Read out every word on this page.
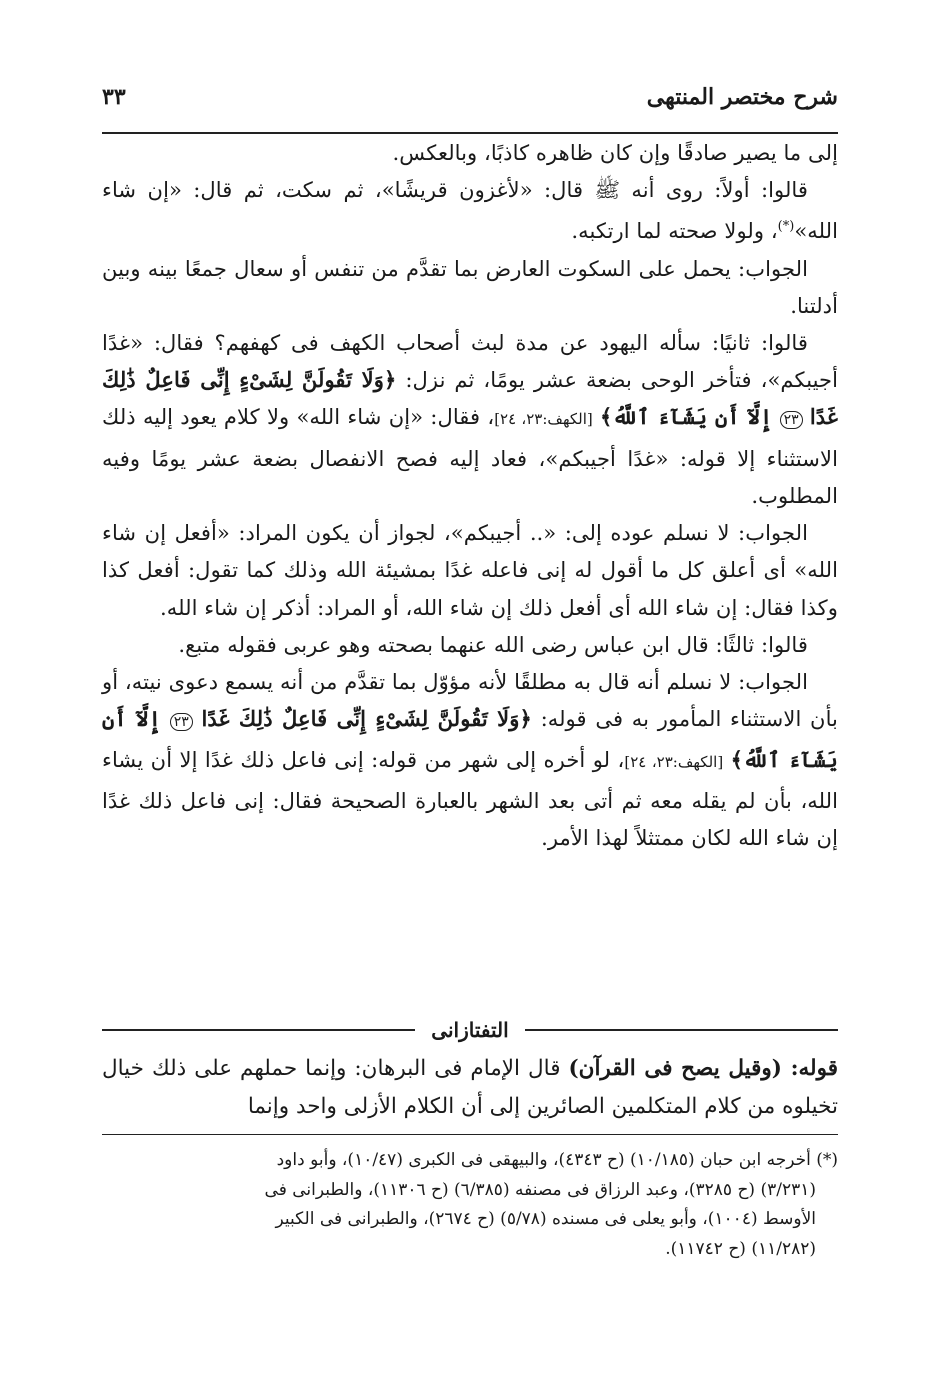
شرح مختصر المنتهى
٣٣

إلى ما يصير صادقًا وإن كان ظاهره كاذبًا، وبالعكس.

قالوا: أولاً: روى أنه ﷺ قال: «لأغزون قريشًا»، ثم سكت، ثم قال: «إن شاء الله»(*)، ولولا صحته لما ارتكبه.

الجواب: يحمل على السكوت العارض بما تقدَّم من تنفس أو سعال جمعًا بينه وبين أدلتنا.

قالوا: ثانيًا: سأله اليهود عن مدة لبث أصحاب الكهف فى كهفهم؟ فقال: «غدًا أجيبكم»، فتأخر الوحى بضعة عشر يومًا، ثم نزل: ﴿وَلَا تَقُولَنَّ لِشَىْءٍ إِنِّى فَاعِلٌ ذَٰلِكَ غَدًا ٢٣ إِلَّآ أَن يَشَآءَ ٱللَّهُ﴾ [الكهف:٢٣، ٢٤]، فقال: «إن شاء الله» ولا كلام يعود إليه ذلك الاستثناء إلا قوله: «غدًا أجيبكم»، فعاد إليه فصح الانفصال بضعة عشر يومًا وفيه المطلوب.

الجواب: لا نسلم عوده إلى: «.. أجيبكم»، لجواز أن يكون المراد: «أفعل إن شاء الله» أى أعلق كل ما أقول له إنى فاعله غدًا بمشيئة الله وذلك كما تقول: أفعل كذا وكذا فقال: إن شاء الله أى أفعل ذلك إن شاء الله، أو المراد: أذكر إن شاء الله.

قالوا: ثالثًا: قال ابن عباس رضى الله عنهما بصحته وهو عربى فقوله متبع.

الجواب: لا نسلم أنه قال به مطلقًا لأنه مؤوّل بما تقدَّم من أنه يسمع دعوى نيته، أو بأن الاستثناء المأمور به فى قوله: ﴿وَلَا تَقُولَنَّ لِشَىْءٍ إِنِّى فَاعِلٌ ذَٰلِكَ غَدًا ٢٣ إِلَّآ أَن يَشَآءَ ٱللَّهُ﴾ [الكهف:٢٣، ٢٤]، لو أخره إلى شهر من قوله: إنى فاعل ذلك غدًا إلا أن يشاء الله، بأن لم يقله معه ثم أتى بعد الشهر بالعبارة الصحيحة فقال: إنى فاعل ذلك غدًا إن شاء الله لكان ممتثلاً لهذا الأمر.

التفتازانى

قوله: (وقيل يصح فى القرآن) قال الإمام فى البرهان: وإنما حملهم على ذلك خيال تخيلوه من كلام المتكلمين الصائرين إلى أن الكلام الأزلى واحد وإنما

(*) أخرجه ابن حبان (١٠/١٨٥) (ح ٤٣٤٣)، والبيهقى فى الكبرى (١٠/٤٧)، وأبو داود

(٣/٢٣١) (ح ٣٢٨٥)، وعبد الرزاق فى مصنفه (٦/٣٨٥) (ح ١١٣٠٦)، والطبرانى فى

الأوسط (١٠٠٤)، وأبو يعلى فى مسنده (٥/٧٨) (ح ٢٦٧٤)، والطبرانى فى الكبير

(١١/٢٨٢) (ح ١١٧٤٢).
